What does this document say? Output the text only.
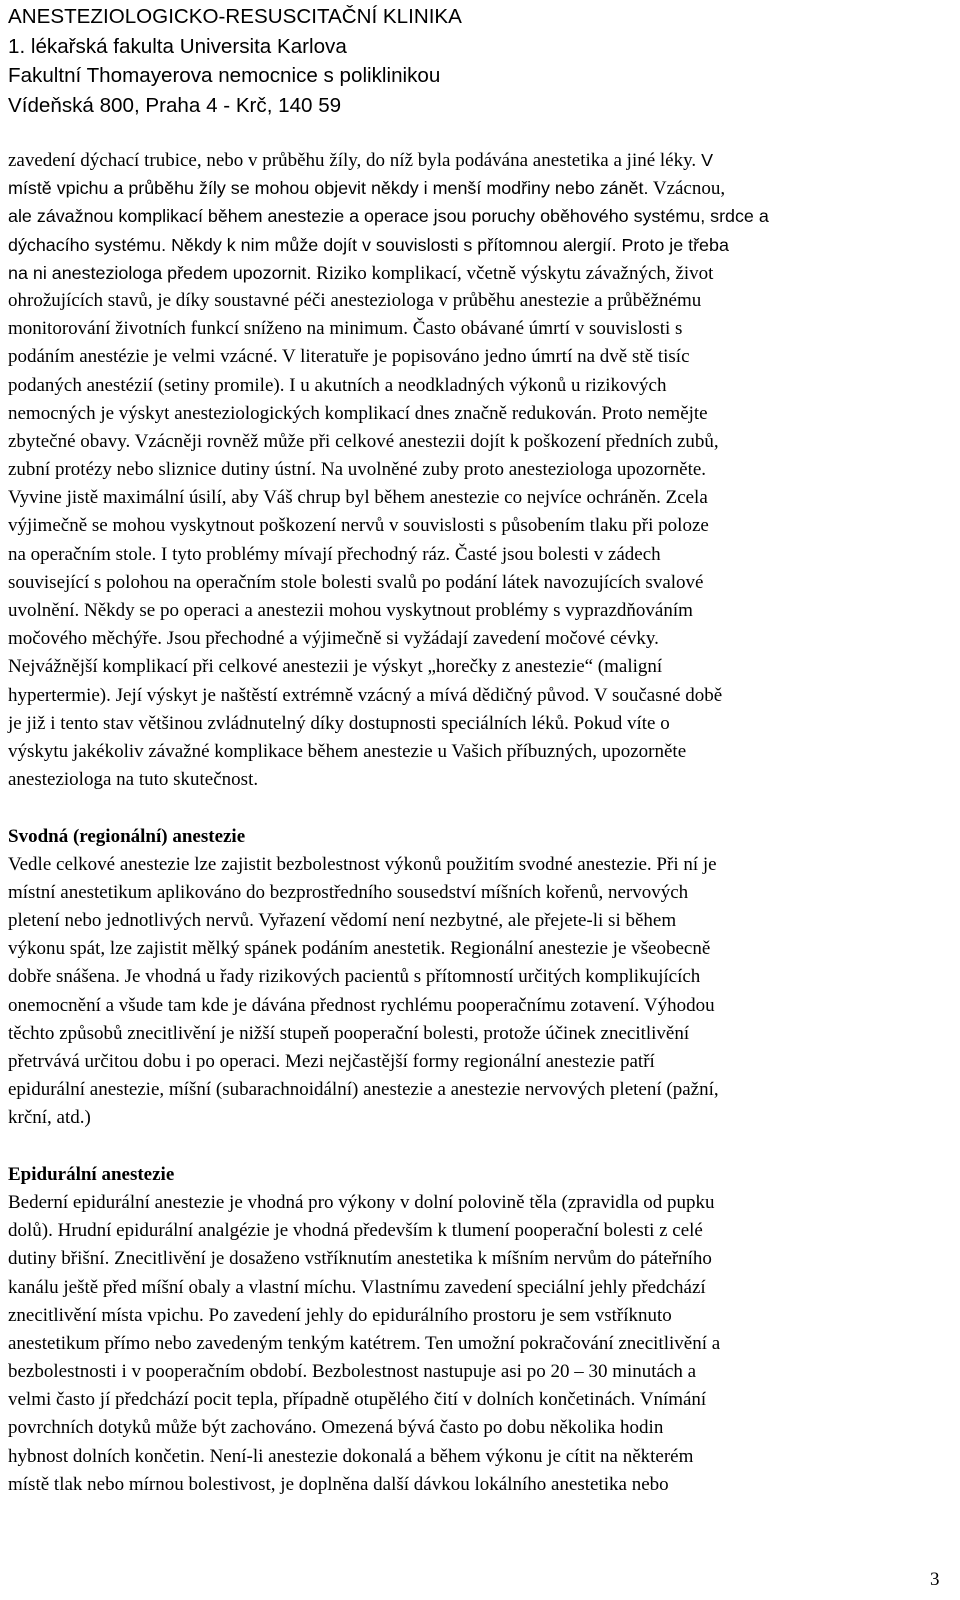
ANESTEZIOLOGICKO-RESUSCITAČNÍ KLINIKA
1. lékařská fakulta Universita Karlova
Fakultní Thomayerova nemocnice s poliklinikou
Vídeňská 800, Praha 4 - Krč, 140 59
zavedení dýchací trubice, nebo v průběhu žíly, do níž byla podávána anestetika a jiné léky. V
místě vpichu a průběhu žíly se mohou objevit někdy i menší modřiny nebo zánět. Vzácnou,
ale závažnou komplikací během anestezie a operace jsou poruchy oběhového systému, srdce a
dýchacího systému. Někdy k nim může dojít v souvislosti s přítomnou alergií. Proto je třeba
na ni anesteziologa předem upozornit. Riziko komplikací, včetně výskytu závažných, život
ohrožujících stavů, je díky soustavné péči anesteziologa v průběhu anestezie a průběžnému
monitorování životních funkcí sníženo na minimum. Často obávané úmrtí v souvislosti s
podáním anestézie je velmi vzácné. V literatuře je popisováno jedno úmrtí na dvě stě tisíc
podaných anestézií (setiny promile). I u akutních a neodkladných výkonů u rizikových
nemocných je výskyt anesteziologických komplikací dnes značně redukován. Proto nemějte
zbytečné obavy. Vzácněji rovněž může při celkové anestezii dojít k poškození předních zubů,
zubní protézy nebo sliznice dutiny ústní. Na uvolněné zuby proto anesteziologa upozorněte.
Vyvine jistě maximální úsilí, aby Váš chrup byl během anestezie co nejvíce ochráněn. Zcela
výjimečně se mohou vyskytnout poškození nervů v souvislosti s působením tlaku při poloze
na operačním stole. I tyto problémy mívají přechodný ráz. Časté jsou bolesti v zádech
související s polohou na operačním stole bolesti svalů po podání látek navozujících svalové
uvolnění. Někdy se po operaci a anestezii mohou vyskytnout problémy s vyprazdňováním
močového měchýře. Jsou přechodné a výjimečně si vyžádají zavedení močové cévky.
Nejvážnější komplikací při celkové anestezii je výskyt „horečky z anestezie“ (maligní
hypertermie). Její výskyt je naštěstí extrémně vzácný a mívá dědičný původ. V současné době
je již i tento stav většinou zvládnutelný díky dostupnosti speciálních léků. Pokud víte o
výskytu jakékoliv závažné komplikace během anestezie u Vašich příbuzných, upozorněte
anesteziologa na tuto skutečnost.
Svodná (regionální) anestezie
Vedle celkové anestezie lze zajistit bezbolestnost výkonů použitím svodné anestezie. Při ní je
místní anestetikum aplikováno do bezprostředního sousedství míšních kořenů, nervových
pletení nebo jednotlivých nervů. Vyřazení vědomí není nezbytné, ale přejete-li si během
výkonu spát, lze zajistit mělký spánek podáním anestetik. Regionální anestezie je všeobecně
dobře snášena. Je vhodná u řady rizikových pacientů s přítomností určitých komplikujících
onemocnění a všude tam kde je dávána přednost rychlému pooperačnímu zotavení. Výhodou
těchto způsobů znecitlivění je nižší stupeň pooperační bolesti, protože účinek znecitlivění
přetrvává určitou dobu i po operaci. Mezi nejčastější formy regionální anestezie patří
epidurální anestezie, míšní (subarachnoidální) anestezie a anestezie nervových pletení (pažní,
krční, atd.)
Epidurální anestezie
Bederní epidurální anestezie je vhodná pro výkony v dolní polovině těla (zpravidla od pupku
dolů). Hrudní epidurální analgézie je vhodná především k tlumení pooperační bolesti z celé
dutiny břišní. Znecitlivění je dosaženo vstříknutím anestetika k míšním nervům do páteřního
kanálu ještě před míšní obaly a vlastní míchu. Vlastnímu zavedení speciální jehly předchází
znecitlivění místa vpichu. Po zavedení jehly do epidurálního prostoru je sem vstříknuto
anestetikum přímo nebo zavedeným tenkým katétrem. Ten umožní pokračování znecitlivění a
bezbolestnosti i v pooperačním období. Bezbolestnost nastupuje asi po 20 – 30 minutách a
velmi často jí předchází pocit tepla, případně otupělého čití v dolních končetinách. Vnímání
povrchních dotyků může být zachováno. Omezená bývá často po dobu několika hodin
hybnost dolních končetin. Není-li anestezie dokonalá a během výkonu je cítit na některém
místě tlak nebo mírnou bolestivost, je doplněna další dávkou lokálního anestetika nebo
3
